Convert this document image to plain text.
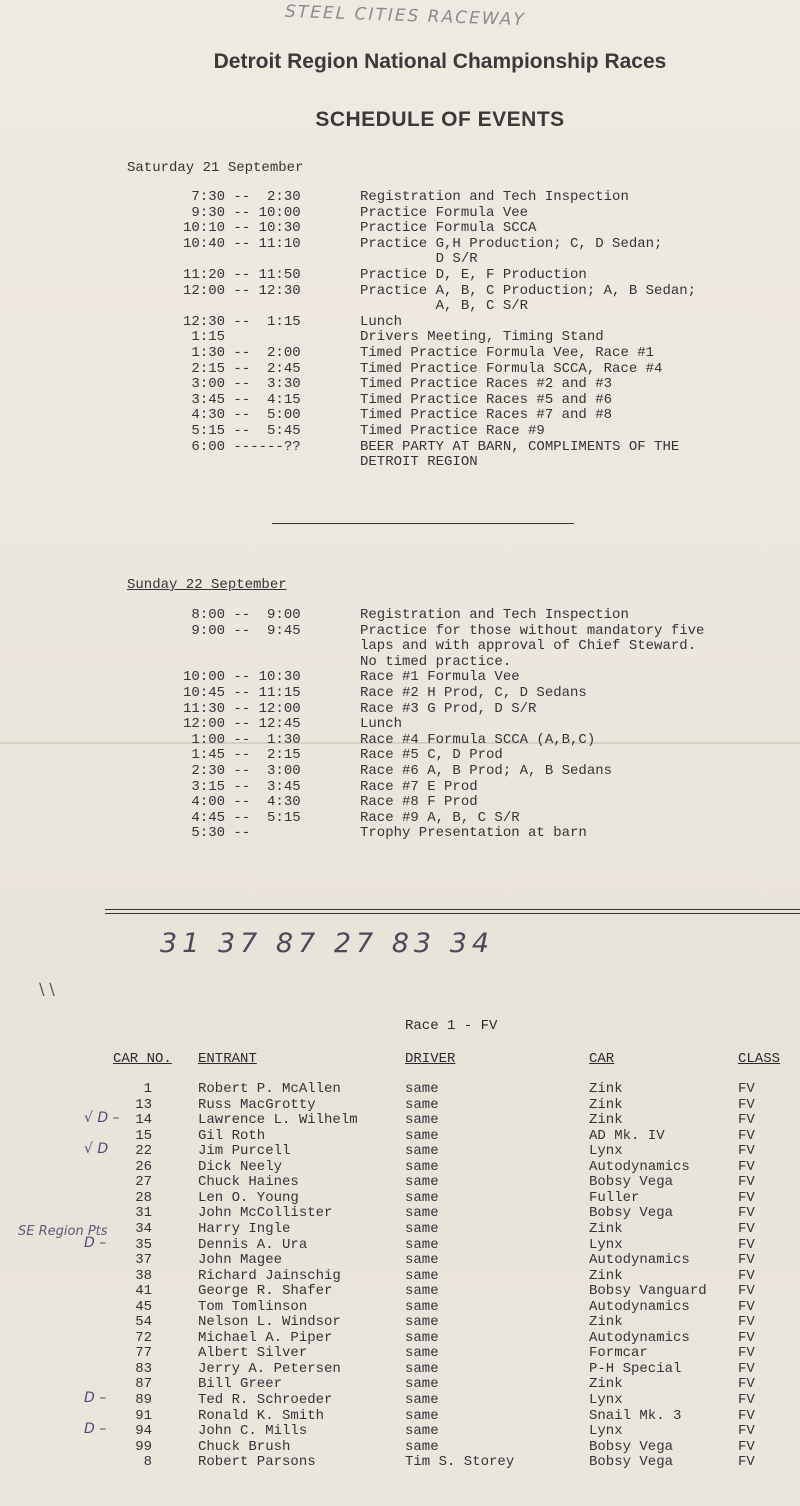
STEEL CITIES RACEWAY
Detroit Region National Championship Races
SCHEDULE OF EVENTS
Saturday 21 September
7:30 --  2:30	Registration and Tech Inspection
9:30 -- 10:00	Practice Formula Vee
10:10 -- 10:30	Practice Formula SCCA
10:40 -- 11:10	Practice G,H Production; C, D Sedan;
D S/R
11:20 -- 11:50	Practice D, E, F Production
12:00 -- 12:30	Practice A, B, C Production; A, B Sedan;
A, B, C S/R
12:30 --  1:15	Lunch
1:15	Drivers Meeting, Timing Stand
1:30 --  2:00	Timed Practice Formula Vee, Race #1
2:15 --  2:45	Timed Practice Formula SCCA, Race #4
3:00 --  3:30	Timed Practice Races #2 and #3
3:45 --  4:15	Timed Practice Races #5 and #6
4:30 --  5:00	Timed Practice Races #7 and #8
5:15 --  5:45	Timed Practice Race #9
6:00 ------??	BEER PARTY AT BARN, COMPLIMENTS OF THE
DETROIT REGION
Sunday 22 September
8:00 --  9:00	Registration and Tech Inspection
9:00 --  9:45	Practice for those without mandatory five
laps and with approval of Chief Steward.
No timed practice.
10:00 -- 10:30	Race #1 Formula Vee
10:45 -- 11:15	Race #2 H Prod, C, D Sedans
11:30 -- 12:00	Race #3 G Prod, D S/R
12:00 -- 12:45	Lunch
1:00 --  1:30	Race #4 Formula SCCA (A,B,C)
1:45 --  2:15	Race #5 C, D Prod
2:30 --  3:00	Race #6 A, B Prod; A, B Sedans
3:15 --  3:45	Race #7 E Prod
4:00 --  4:30	Race #8 F Prod
4:45 --  5:15	Race #9 A, B, C S/R
5:30 --	Trophy Presentation at barn
31 37 87 27 83 34
∖∖
Race 1 - FV
CAR NO. ENTRANT	DRIVER	CAR	CLASS
SE Region Pts
1	Robert P. McAllen	same	Zink	FV
13	Russ MacGrotty	same	Zink	FV
14	Lawrence L. Wilhelm	same	Zink	FV
√ D –
15	Gil Roth	same	AD Mk. IV	FV
22	Jim Purcell	same	Lynx	FV
√ D
26	Dick Neely	same	Autodynamics	FV
27	Chuck Haines	same	Bobsy Vega	FV
28	Len O. Young	same	Fuller	FV
31	John McCollister	same	Bobsy Vega	FV
34	Harry Ingle	same	Zink	FV
35	Dennis A. Ura	same	Lynx	FV
D –
37	John Magee	same	Autodynamics	FV
38	Richard Jainschig	same	Zink	FV
41	George R. Shafer	same	Bobsy Vanguard FV
45	Tom Tomlinson	same	Autodynamics	FV
54	Nelson L. Windsor	same	Zink	FV
72	Michael A. Piper	same	Autodynamics	FV
77	Albert Silver	same	Formcar	FV
83	Jerry A. Petersen	same	P-H Special	FV
87	Bill Greer	same	Zink	FV
89	Ted R. Schroeder	same	Lynx	FV
D –
91	Ronald K. Smith	same	Snail Mk. 3	FV
94	John C. Mills	same	Lynx	FV
D –
99	Chuck Brush	same	Bobsy Vega	FV
8	Robert Parsons	Tim S. Storey	Bobsy Vega	FV
